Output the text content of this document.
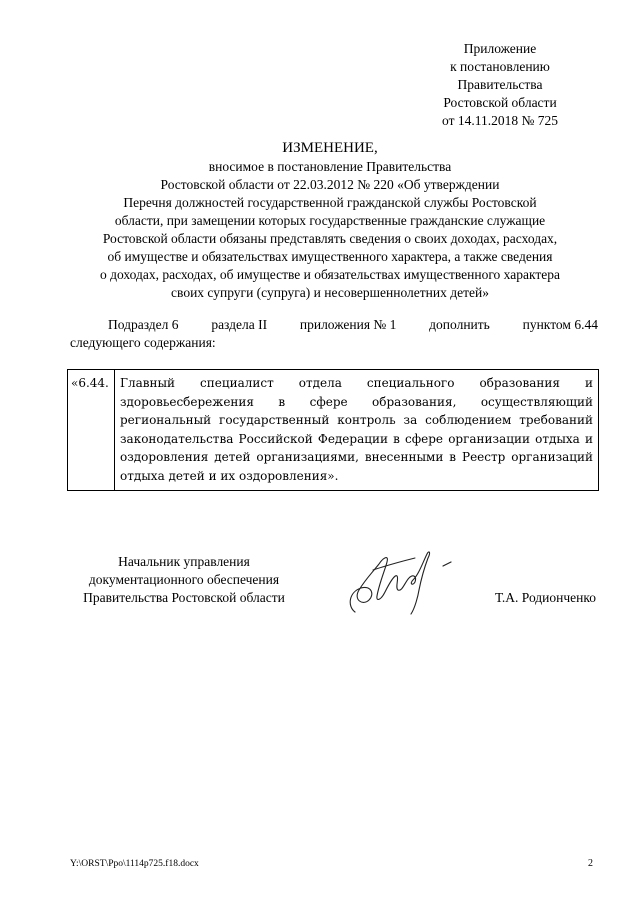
Приложение
к постановлению
Правительства
Ростовской области
от 14.11.2018 № 725
ИЗМЕНЕНИЕ,
вносимое в постановление Правительства
Ростовской области от 22.03.2012 № 220 «Об утверждении
Перечня должностей государственной гражданской службы Ростовской
области, при замещении которых государственные гражданские служащие
Ростовской области обязаны представлять сведения о своих доходах, расходах,
об имуществе и обязательствах имущественного характера, а также сведения
о доходах, расходах, об имуществе и обязательствах имущественного характера
своих супруги (супруга) и несовершеннолетних детей»
Подраздел 6 раздела II приложения № 1 дополнить пунктом 6.44
следующего содержания:
«6.44.	Главный специалист отдела специального образования и здоровьесбережения в сфере образования, осуществляющий региональный государственный контроль за соблюдением требований законодательства Российской Федерации в сфере организации отдыха и оздоровления детей организациями, внесенными в Реестр организаций отдыха детей и их оздоровления».
Начальник управления
документационного обеспечения
Правительства Ростовской области	Т.А. Родионченко
Y:\ORST\Ppo\1114p725.f18.docx	2
